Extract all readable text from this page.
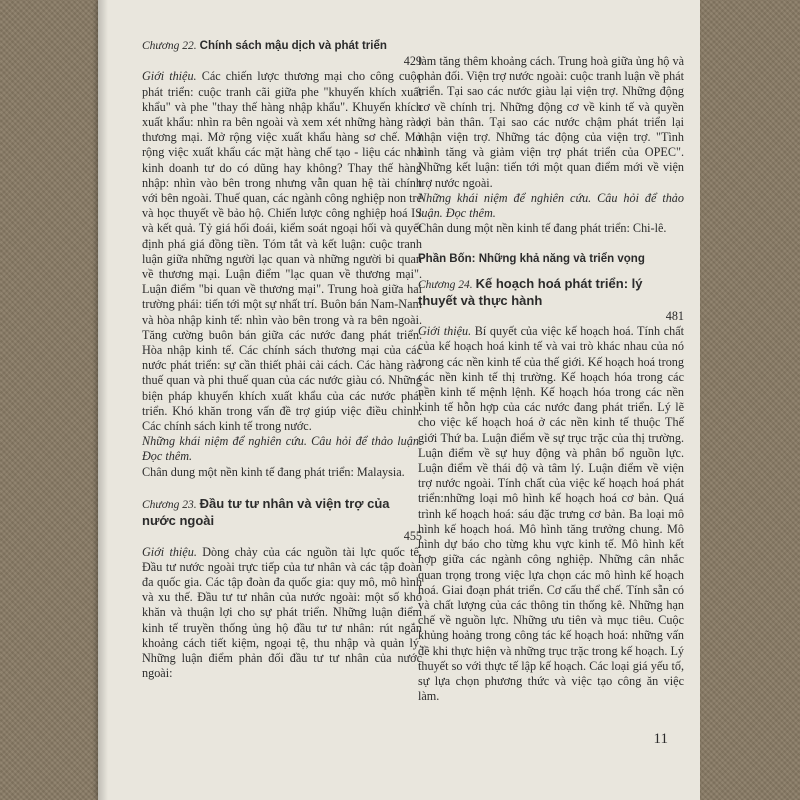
Chương 22. Chính sách mậu dịch và phát triển
429

Giới thiệu. Các chiến lược thương mại cho công cuộc phát triển: cuộc tranh cãi giữa phe "khuyến khích xuất khẩu" và phe "thay thế hàng nhập khẩu". Khuyến khích xuất khẩu: nhìn ra bên ngoài và xem xét những hàng rào thương mại. Mở rộng việc xuất khẩu hàng sơ chế. Mở rộng việc xuất khẩu các mặt hàng chế tạo - liệu các nhà kinh doanh tư do có dũng hay không? Thay thế hàng nhập: nhìn vào bên trong nhưng vẫn quan hệ tài chính với bên ngoài. Thuế quan, các ngành công nghiệp non trẻ và học thuyết về bảo hộ. Chiến lược công nghiệp hoá IS và kết quả. Tỷ giá hối đoái, kiểm soát ngoại hối và quyết định phá giá đồng tiền. Tóm tắt và kết luận: cuộc tranh luận giữa những người lạc quan và những người bi quan về thương mại. Luận điểm "lạc quan về thương mại". Luận điểm "bi quan về thương mại". Trung hoà giữa hai trường phái: tiến tới một sự nhất trí. Buôn bán Nam-Nam và hòa nhập kinh tế: nhìn vào bên trong và ra bên ngoài. Tăng cường buôn bán giữa các nước đang phát triển. Hòa nhập kinh tế. Các chính sách thương mại của các nước phát triển: sự cần thiết phải cải cách. Các hàng rào thuế quan và phi thuế quan của các nước giàu có. Những biện pháp khuyến khích xuất khẩu của các nước phát triển. Khó khăn trong vấn đề trợ giúp việc điều chỉnh. Các chính sách kinh tế trong nước.

Những khái niệm để nghiên cứu. Câu hỏi để thảo luận. Đọc thêm.

Chân dung một nền kinh tế đang phát triển: Malaysia.

Chương 23. Đầu tư tư nhân và viện trợ của nước ngoài
455

Giới thiệu. Dòng chảy của các nguồn tài lực quốc tế. Đầu tư nước ngoài trực tiếp của tư nhân và các tập đoàn đa quốc gia. Các tập đoàn đa quốc gia: quy mô, mô hình và xu thế. Đầu tư tư nhân của nước ngoài: một số khó khăn và thuận lợi cho sự phát triển. Những luận điểm kinh tế truyền thống ủng hộ đầu tư tư nhân: rút ngắn khoảng cách tiết kiệm, ngoại tệ, thu nhập và quản lý. Những luận điểm phản đối đầu tư tư nhân của nước ngoài:

làm tăng thêm khoảng cách. Trung hoà giữa ủng hộ và phản đối. Viện trợ nước ngoài: cuộc tranh luận về phát triển. Tại sao các nước giàu lại viện trợ. Những động cơ về chính trị. Những động cơ về kinh tế và quyền lợi bản thân. Tại sao các nước chậm phát triển lại nhận viện trợ. Những tác động của viện trợ. "Tình hình tăng và giảm viện trợ phát triển của OPEC". Những kết luận: tiến tới một quan điểm mới về viện trợ nước ngoài.

Những khái niệm để nghiên cứu. Câu hỏi để thảo luận. Đọc thêm.

Chân dung một nền kinh tế đang phát triển: Chi-lê.

Phần Bốn: Những khả năng và triển vọng
Chương 24. Kế hoạch hoá phát triển: lý thuyết và thực hành
481

Giới thiệu. Bí quyết của việc kế hoạch hoá. Tính chất của kế hoạch hoá kinh tế và vai trò khác nhau của nó trong các nền kinh tế của thế giới. Kế hoạch hoá trong các nền kinh tế thị trường. Kế hoạch hóa trong các nền kinh tế mệnh lệnh. Kế hoạch hóa trong các nền kinh tế hỗn hợp của các nước đang phát triển. Lý lẽ cho việc kế hoạch hoá ở các nền kinh tế thuộc Thế giới Thứ ba. Luận điểm về sự trục trặc của thị trường. Luận điểm về sự huy động và phân bổ nguồn lực. Luận điểm về thái độ và tâm lý. Luận điểm về viện trợ nước ngoài. Tính chất của việc kế hoạch hoá phát triển:những loại mô hình kế hoạch hoá cơ bản. Quá trình kế hoạch hoá: sáu đặc trưng cơ bản. Ba loại mô hình kế hoạch hoá. Mô hình tăng trưởng chung. Mô hình dự báo cho từng khu vực kinh tế. Mô hình kết hợp giữa các ngành công nghiệp. Những cân nhắc quan trọng trong việc lựa chọn các mô hình kế hoạch hoá. Giai đoạn phát triển. Cơ cấu thể chế. Tính sẵn có và chất lượng của các thông tin thống kê. Những hạn chế về nguồn lực. Những ưu tiên và mục tiêu. Cuộc khủng hoảng trong công tác kế hoạch hoá: những vấn đề khi thực hiện và những trục trặc trong kế hoạch. Lý thuyết so với thực tế lập kế hoạch. Các loại giá yếu tố, sự lựa chọn phương thức và việc tạo công ăn việc làm.

11
